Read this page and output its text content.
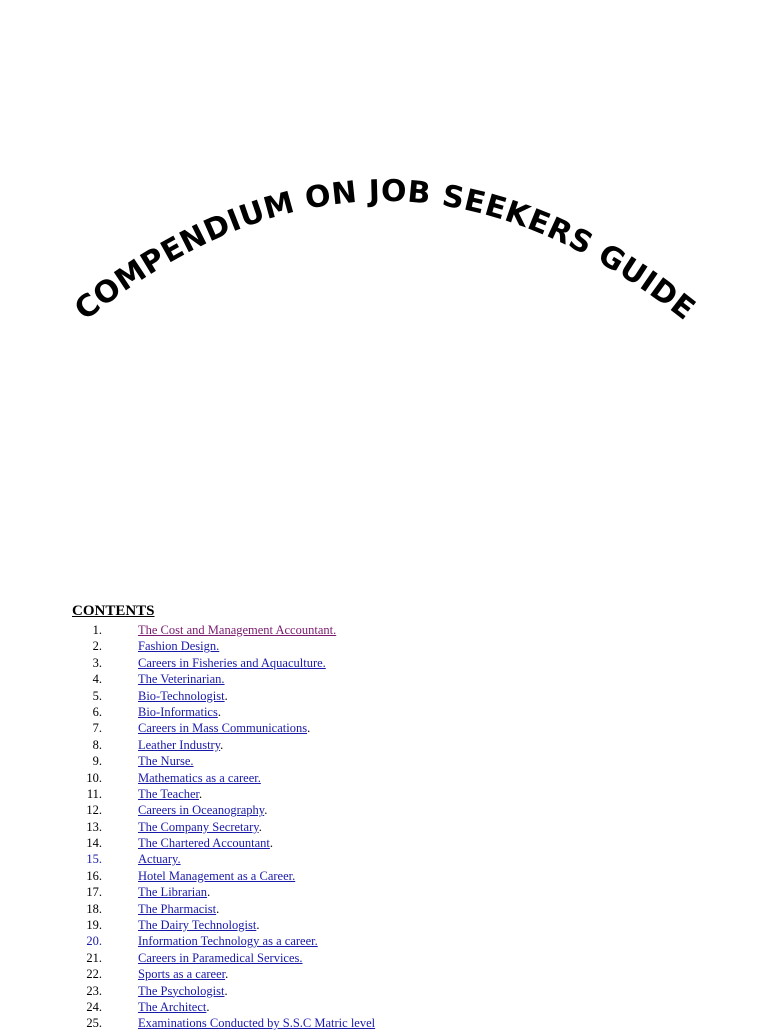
COMPENDIUM ON JOB SEEKERS GUIDE
CONTENTS
1.	The Cost and Management Accountant.
2.	Fashion Design.
3.	Careers in Fisheries and Aquaculture.
4.	The Veterinarian.
5.	Bio-Technologist.
6.	Bio-Informatics.
7.	Careers in Mass Communications.
8.	Leather Industry.
9.	The Nurse.
10.	Mathematics as a career.
11.	The Teacher.
12.	Careers in Oceanography.
13.	The Company Secretary.
14.	The Chartered Accountant.
15.	Actuary.
16.	Hotel Management as a Career.
17.	The Librarian.
18.	The Pharmacist.
19.	The Dairy Technologist.
20.	Information Technology as a career.
21.	Careers in Paramedical Services.
22.	Sports as a career.
23.	The Psychologist.
24.	The Architect.
25.	Examinations Conducted by S.S.C Matric level
